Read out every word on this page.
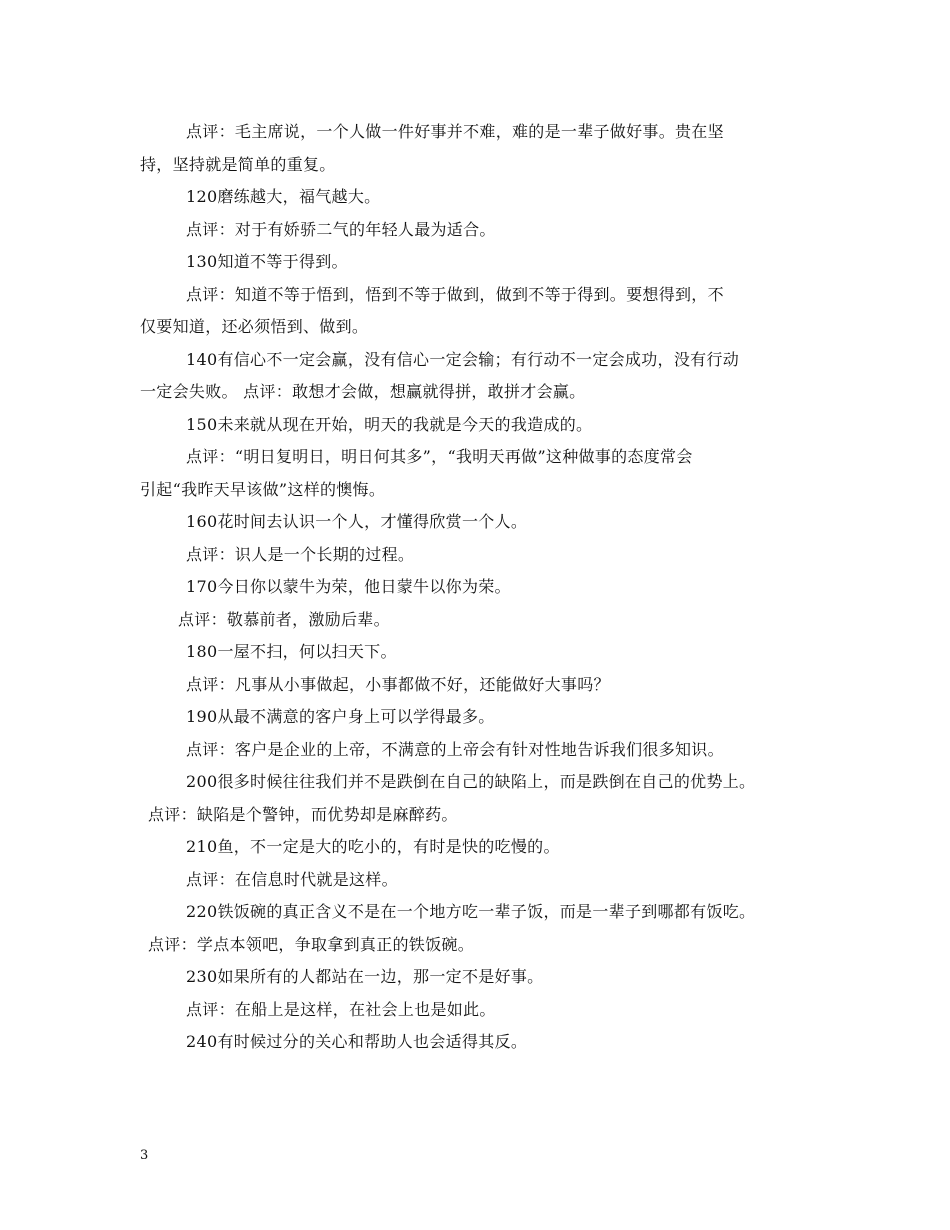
点评：毛主席说，一个人做一件好事并不难，难的是一辈子做好事。贵在坚
持，坚持就是简单的重复。
120磨练越大，福气越大。
点评：对于有娇骄二气的年轻人最为适合。
130知道不等于得到。
点评：知道不等于悟到，悟到不等于做到，做到不等于得到。要想得到，不
仅要知道，还必须悟到、做到。
140有信心不一定会赢，没有信心一定会输；有行动不一定会成功，没有行动
一定会失败。 点评：敢想才会做，想赢就得拼，敢拼才会赢。
150未来就从现在开始，明天的我就是今天的我造成的。
点评：“明日复明日，明日何其多”，“我明天再做”这种做事的态度常会
引起“我昨天早该做”这样的懊悔。
160花时间去认识一个人，才懂得欣赏一个人。
点评：识人是一个长期的过程。
170今日你以蒙牛为荣，他日蒙牛以你为荣。
点评：敬慕前者，激励后辈。
180一屋不扫，何以扫天下。
点评：凡事从小事做起，小事都做不好，还能做好大事吗？
190从最不满意的客户身上可以学得最多。
点评：客户是企业的上帝，不满意的上帝会有针对性地告诉我们很多知识。
200很多时候往往我们并不是跌倒在自己的缺陷上，而是跌倒在自己的优势上。
点评：缺陷是个警钟，而优势却是麻醉药。
210鱼，不一定是大的吃小的，有时是快的吃慢的。
点评：在信息时代就是这样。
220铁饭碗的真正含义不是在一个地方吃一辈子饭，而是一辈子到哪都有饭吃。
点评：学点本领吧，争取拿到真正的铁饭碗。
230如果所有的人都站在一边，那一定不是好事。
点评：在船上是这样，在社会上也是如此。
240有时候过分的关心和帮助人也会适得其反。
3
